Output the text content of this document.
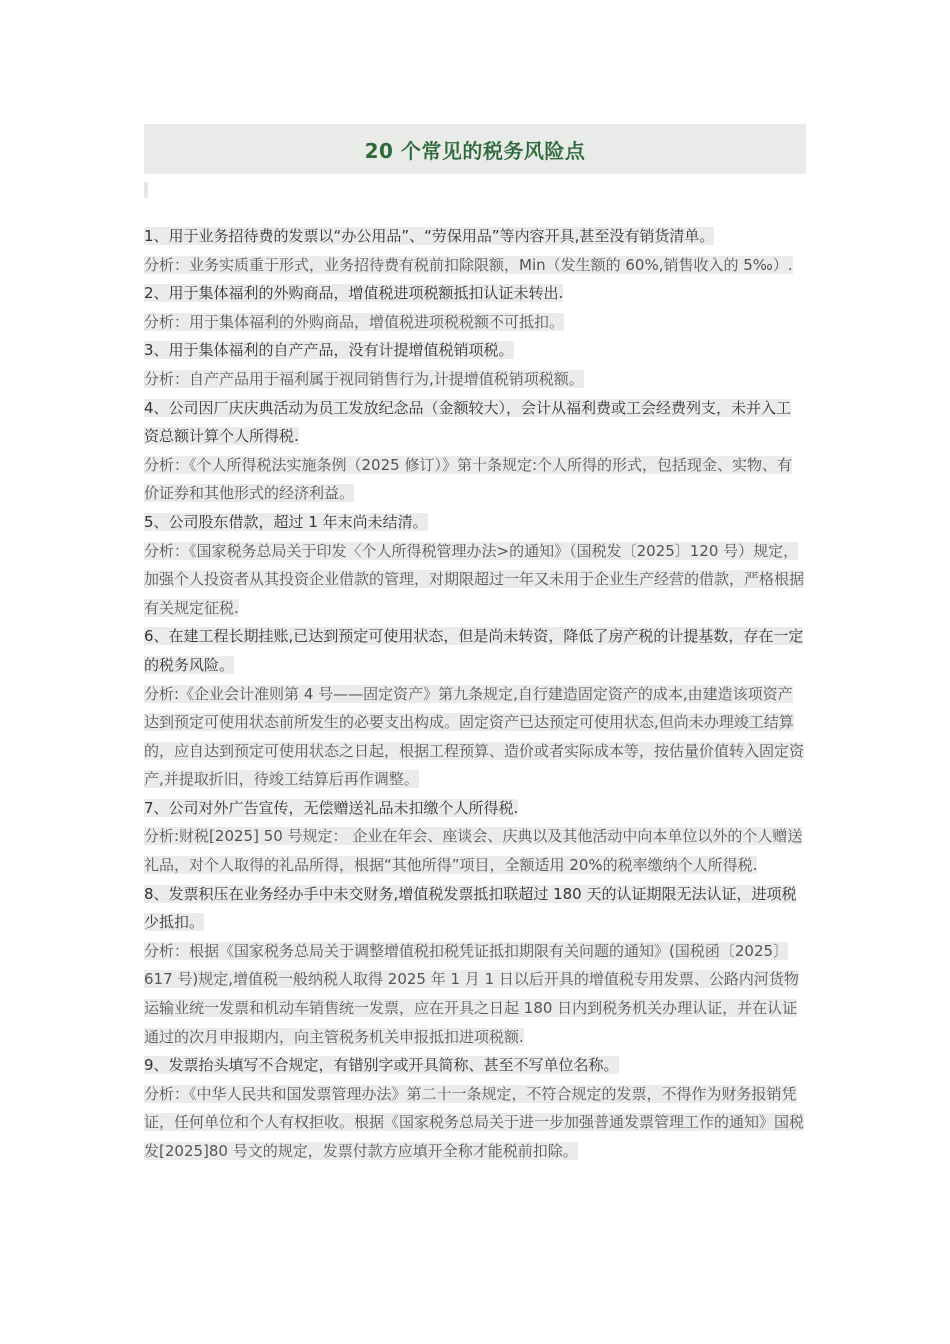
20 个常见的税务风险点

1、用于业务招待费的发票以“办公用品”、“劳保用品”等内容开具,甚至没有销货清单。

分析：业务实质重于形式，业务招待费有税前扣除限额，Min（发生额的 60%,销售收入的 5‰）.

2、用于集体福利的外购商品，增值税进项税额抵扣认证未转出.

分析：用于集体福利的外购商品，增值税进项税税额不可抵扣。

3、用于集体福利的自产产品，没有计提增值税销项税。

分析：自产产品用于福利属于视同销售行为,计提增值税销项税额。

4、公司因厂庆庆典活动为员工发放纪念品（金额较大），会计从福利费或工会经费列支，未并入工资总额计算个人所得税.

分析：《个人所得税法实施条例（2025 修订）》第十条规定:个人所得的形式，包括现金、实物、有价证券和其他形式的经济利益。

5、公司股东借款，超过 1 年末尚未结清。

分析：《国家税务总局关于印发〈个人所得税管理办法>的通知》（国税发〔2025〕120 号）规定，加强个人投资者从其投资企业借款的管理，对期限超过一年又未用于企业生产经营的借款，严格根据有关规定征税.

6、在建工程长期挂账,已达到预定可使用状态，但是尚未转资，降低了房产税的计提基数，存在一定的税务风险。

分析:《企业会计准则第 4 号——固定资产》第九条规定,自行建造固定资产的成本,由建造该项资产达到预定可使用状态前所发生的必要支出构成。固定资产已达预定可使用状态,但尚未办理竣工结算的，应自达到预定可使用状态之日起，根据工程预算、造价或者实际成本等，按估量价值转入固定资产,并提取折旧，待竣工结算后再作调整。

7、公司对外广告宣传，无偿赠送礼品未扣缴个人所得税.

分析:财税[2025] 50 号规定： 企业在年会、座谈会、庆典以及其他活动中向本单位以外的个人赠送礼品，对个人取得的礼品所得，根据“其他所得”项目，全额适用 20%的税率缴纳个人所得税.

8、发票积压在业务经办手中未交财务,增值税发票抵扣联超过 180 天的认证期限无法认证，进项税少抵扣。

分析：根据《国家税务总局关于调整增值税扣税凭证抵扣期限有关问题的通知》(国税函〔2025〕617 号)规定,增值税一般纳税人取得 2025 年 1 月 1 日以后开具的增值税专用发票、公路内河货物运输业统一发票和机动车销售统一发票，应在开具之日起 180 日内到税务机关办理认证，并在认证通过的次月申报期内，向主管税务机关申报抵扣进项税额.

9、发票抬头填写不合规定，有错别字或开具简称、甚至不写单位名称。

分析：《中华人民共和国发票管理办法》第二十一条规定，不符合规定的发票，不得作为财务报销凭证，任何单位和个人有权拒收。根据《国家税务总局关于进一步加强普通发票管理工作的通知》国税发[2025]80 号文的规定，发票付款方应填开全称才能税前扣除。
